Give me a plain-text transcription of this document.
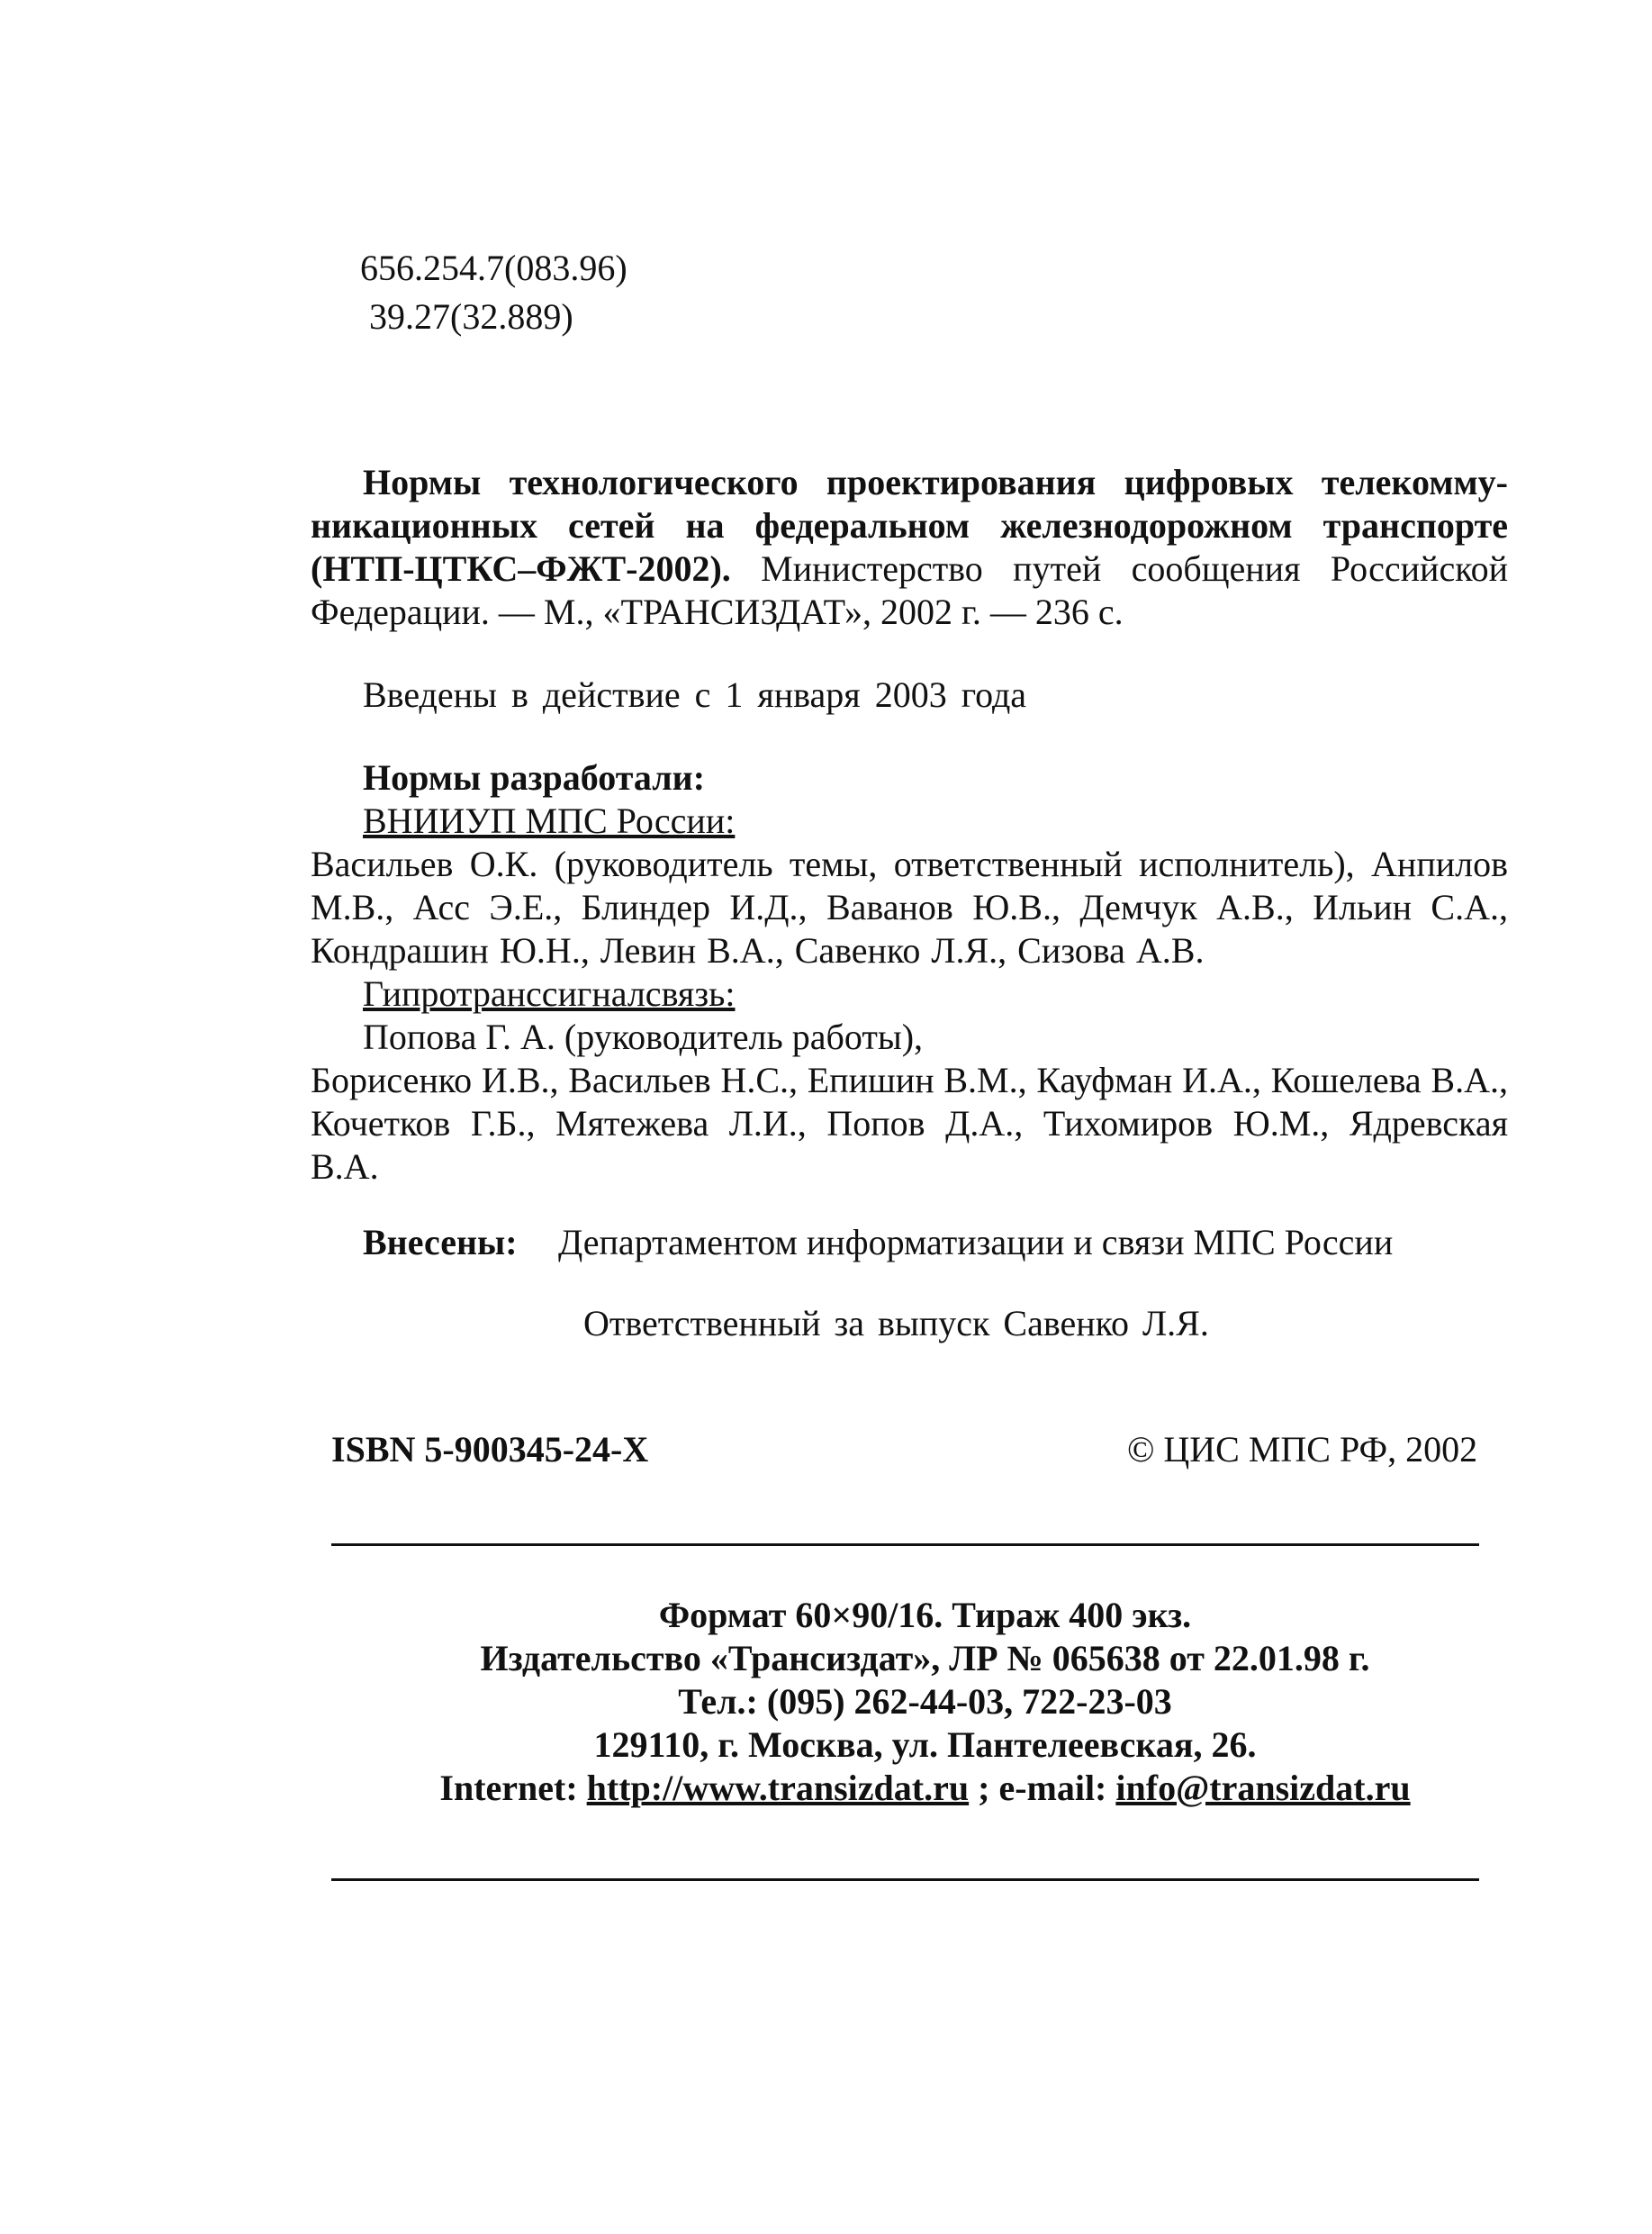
656.254.7(083.96)
39.27(32.889)
Нормы технологического проектирования цифровых телекомму-
никационных сетей на федеральном железнодорожном транспорте
(НТП-ЦТКС–ФЖТ-2002). Министерство путей сообщения Российской
Федерации. — М., «ТРАНСИЗДАТ», 2002 г. — 236 с.
Введены в действие с 1 января 2003 года
Нормы разработали:
ВНИИУП МПС России:
Васильев О.К. (руководитель темы, ответственный исполнитель), Анпилов
М.В., Асс Э.Е., Блиндер И.Д., Ваванов Ю.В., Демчук А.В., Ильин С.А.,
Кондрашин Ю.Н., Левин В.А., Савенко Л.Я., Сизова А.В.
Гипротранссигналсвязь:
Попова Г. А. (руководитель работы),
Борисенко И.В., Васильев Н.С., Епишин В.М., Кауфман И.А., Кошелева В.А.,
Кочетков Г.Б., Мятежева Л.И., Попов Д.А., Тихомиров Ю.М., Ядревская
В.А.
Внесены: Департаментом информатизации и связи МПС России
Ответственный за выпуск Савенко Л.Я.
ISBN 5-900345-24-X	© ЦИС МПС РФ, 2002
Формат 60×90/16. Тираж 400 экз.
Издательство «Трансиздат», ЛР № 065638 от 22.01.98 г.
Тел.: (095) 262-44-03, 722-23-03
129110, г. Москва, ул. Пантелеевская, 26.
Internet: http://www.transizdat.ru ; e-mail: info@transizdat.ru
